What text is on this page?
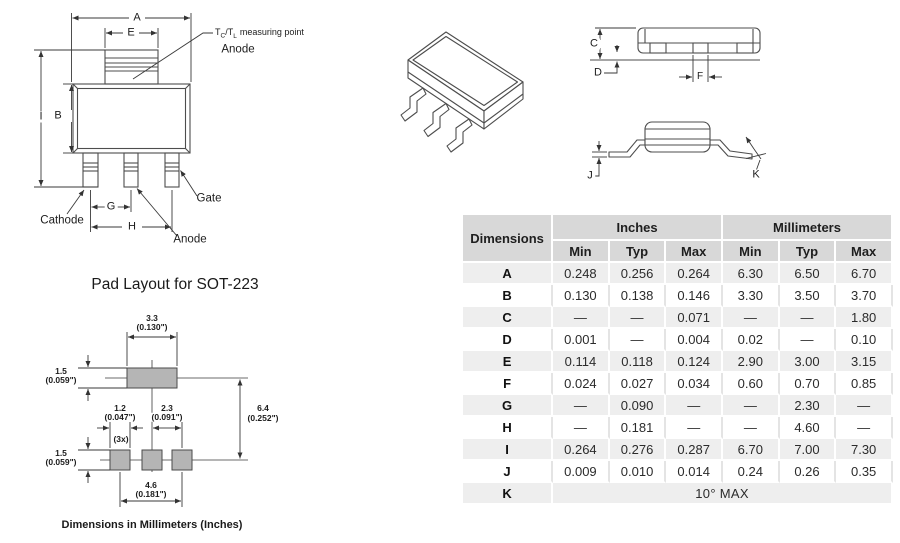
A
E
I B
G
H
$T_C/T_L$ measuring point
Anode
Cathode
Gate
Anode
C
D	F
J	K
Pad Layout for SOT-223
3.3
(0.130")
1.5
(0.059")
1.2
(0.047")
(3x)
2.3
(0.091")
6.4
(0.252")
1.5
(0.059")
4.6
(0.181")
Dimensions in Millimeters (Inches)
Dimensions	Inches			Millimeters		
	Min	Typ	Max	Min	Typ	Max
A	0.248	0.256	0.264	6.30	6.50	6.70
B	0.130	0.138	0.146	3.30	3.50	3.70
C	—	—	0.071	—	—	1.80
D	0.001	—	0.004	0.02	—	0.10
E	0.114	0.118	0.124	2.90	3.00	3.15
F	0.024	0.027	0.034	0.60	0.70	0.85
G	—	0.090	—	—	2.30	—
H	—	0.181	—	—	4.60	—
I	0.264	0.276	0.287	6.70	7.00	7.30
J	0.009	0.010	0.014	0.24	0.26	0.35
K	10° MAX					
